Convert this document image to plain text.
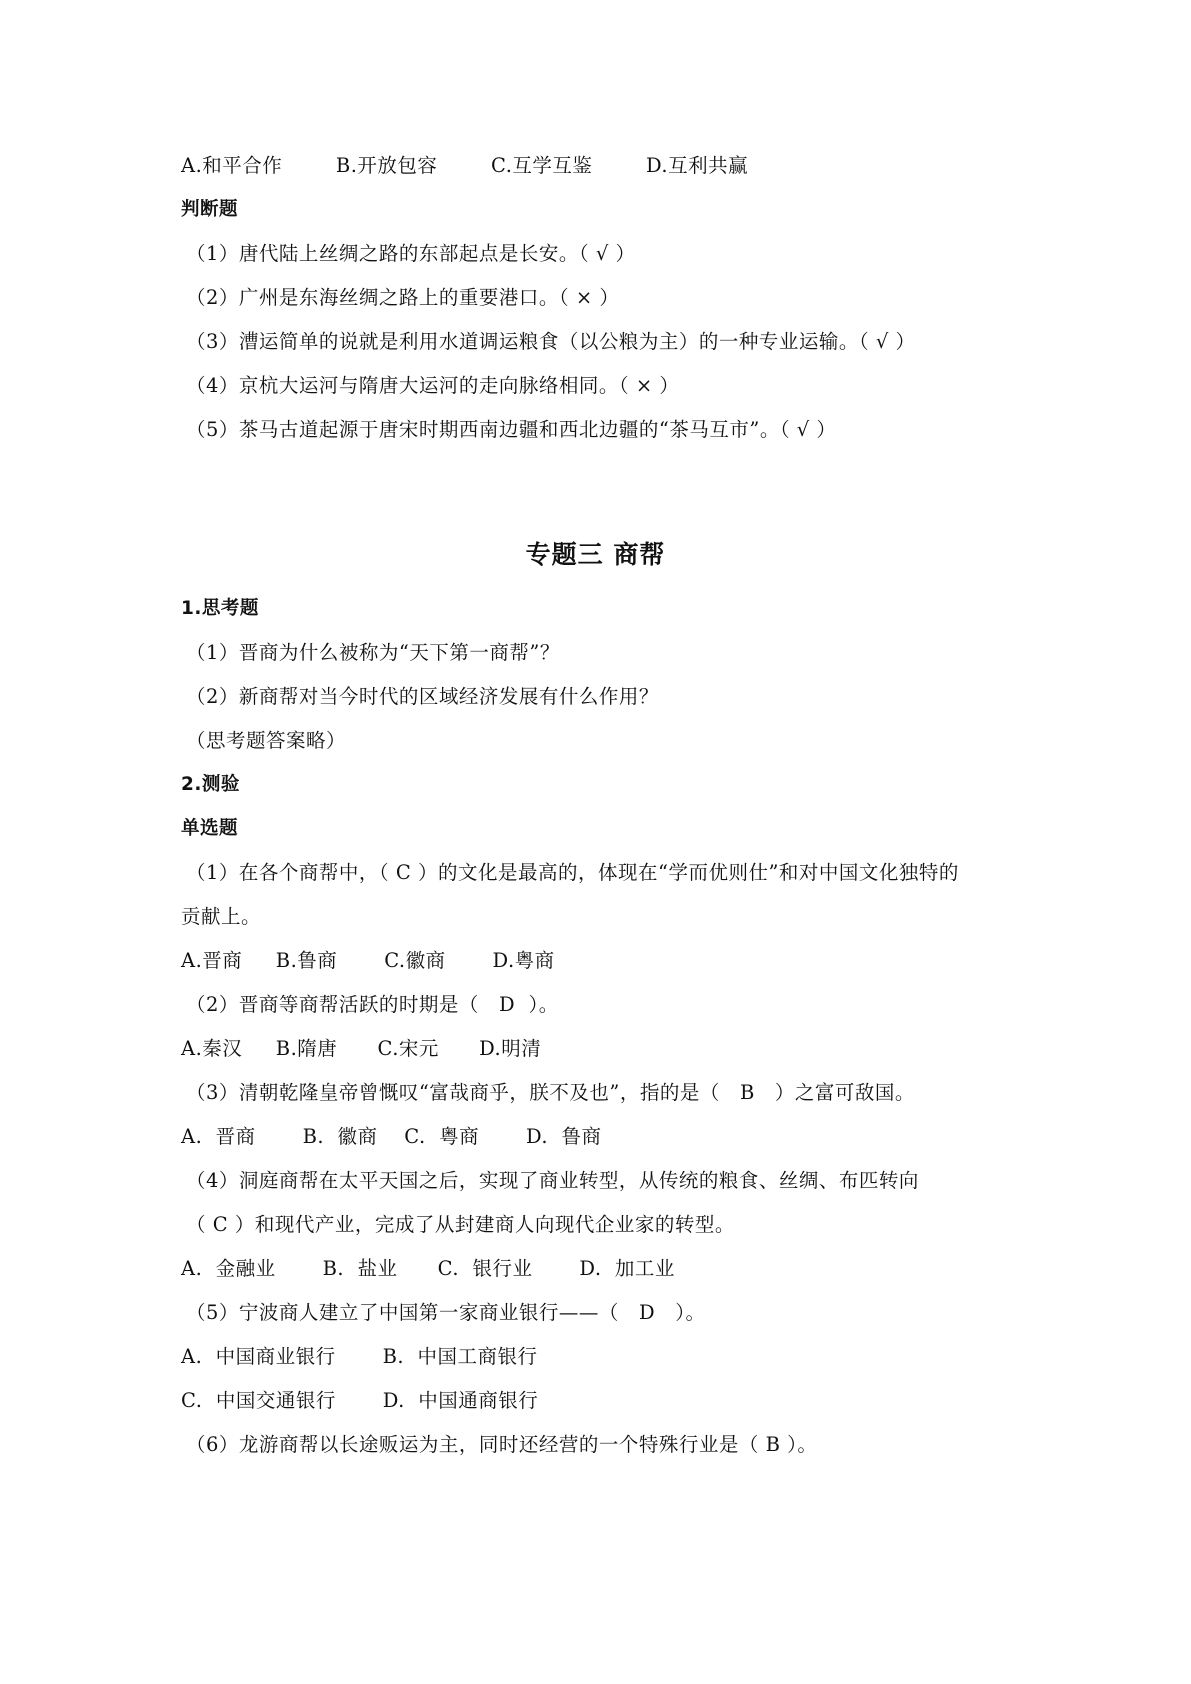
A.和平合作        B.开放包容        C.互学互鉴        D.互利共赢
判断题
（1）唐代陆上丝绸之路的东部起点是长安。（ √ ）
（2）广州是东海丝绸之路上的重要港口。（ × ）
（3）漕运简单的说就是利用水道调运粮食（以公粮为主）的一种专业运输。（ √ ）
（4）京杭大运河与隋唐大运河的走向脉络相同。（ × ）
（5）茶马古道起源于唐宋时期西南边疆和西北边疆的“茶马互市”。（ √ ）
专题三 商帮
1.思考题
（1）晋商为什么被称为“天下第一商帮”？
（2）新商帮对当今时代的区域经济发展有什么作用？
（思考题答案略）
2.测验
单选题
（1）在各个商帮中，（ C ）的文化是最高的，体现在“学而优则仕”和对中国文化独特的
贡献上。
A.晋商     B.鲁商       C.徽商       D.粤商
（2）晋商等商帮活跃的时期是（   D  ）。
A.秦汉     B.隋唐      C.宋元      D.明清
（3）清朝乾隆皇帝曾慨叹“富哉商乎，朕不及也”，指的是（   B   ）之富可敌国。
A.  晋商       B.  徽商    C.  粤商       D.  鲁商
（4）洞庭商帮在太平天国之后，实现了商业转型，从传统的粮食、丝绸、布匹转向
（ C ）和现代产业，完成了从封建商人向现代企业家的转型。
A.  金融业       B.  盐业      C.  银行业       D.  加工业
（5）宁波商人建立了中国第一家商业银行——（   D   ）。
A.  中国商业银行       B.  中国工商银行
C.  中国交通银行       D.  中国通商银行
（6）龙游商帮以长途贩运为主，同时还经营的一个特殊行业是（ B ）。
